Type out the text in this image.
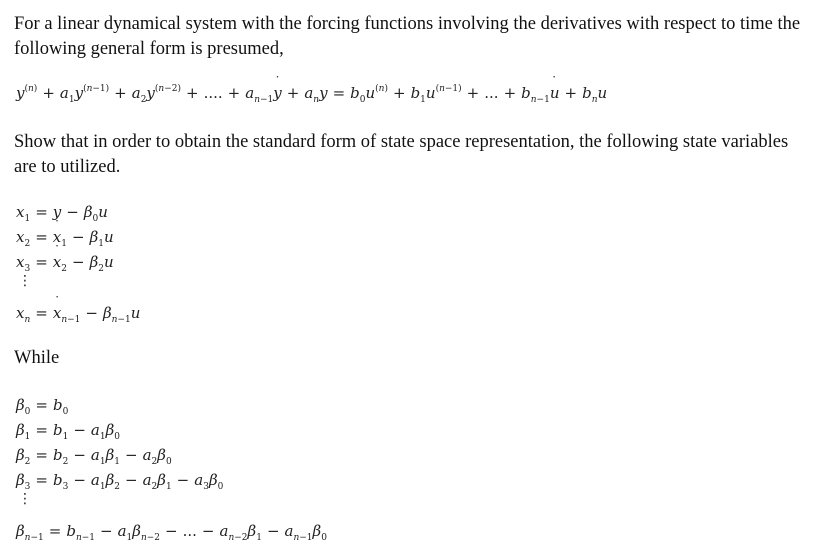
For a linear dynamical system with the forcing functions involving the derivatives with respect to time the following general form is presumed,

$y^{(n)} + a_1y^{(n-1)} + a_2y^{(n-2)}$ + .... + $a_{n-1}y$ ˙ + $a_ny = b_0u^{(n)} + b_1u^{(n-1)}$ + ... + $b_{n-1}u$ ˙ + $b_nu$

Show that in order to obtain the standard form of state space representation, the following state variables are to utilized.

$x_1 = y - \beta_0u$
$x_2 = x$ $˙_1 - \beta_1u$
$x_3 = x$ $˙_2 - \beta_2u$
⋮
$x_n = x$ $˙_{n-1} - \beta_{n-1}u$

While

$\beta_0 = b_0$
$\beta_1 = b_1 - a_1\beta_0$
$\beta_2 = b_2 - a_1\beta_1 - a_2\beta_0$
$\beta_3 = b_3 - a_1\beta_2 - a_2\beta_1 - a_3\beta_0$
⋮
$\beta_{n-1} = b_{n-1} - a_1\beta_{n-2}$ − ... − $a_{n-2}\beta_1 - a_{n-1}\beta_0$
